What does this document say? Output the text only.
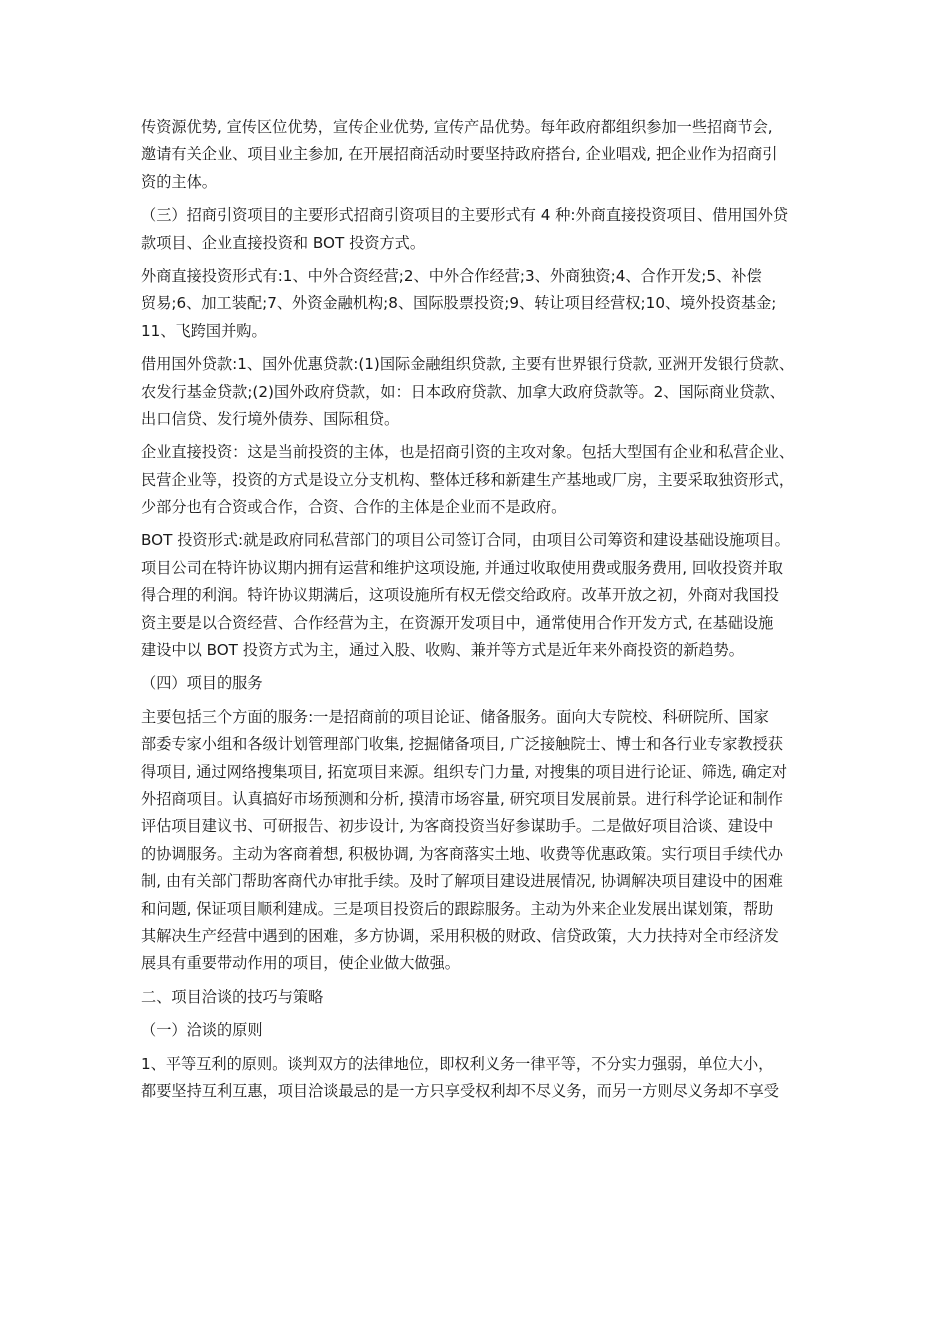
传资源优势, 宣传区位优势，宣传企业优势, 宣传产品优势。每年政府都组织参加一些招商节会,
邀请有关企业、项目业主参加, 在开展招商活动时要坚持政府搭台, 企业唱戏, 把企业作为招商引
资的主体。
（三）招商引资项目的主要形式招商引资项目的主要形式有 4 种:外商直接投资项目、借用国外贷
款项目、企业直接投资和 BOT 投资方式。
外商直接投资形式有:1、中外合资经营;2、中外合作经营;3、外商独资;4、合作开发;5、补偿
贸易;6、加工装配;7、外资金融机构;8、国际股票投资;9、转让项目经营权;10、境外投资基金;
11、飞跨国并购。
借用国外贷款:1、国外优惠贷款:(1)国际金融组织贷款, 主要有世界银行贷款, 亚洲开发银行贷款、
农发行基金贷款;(2)国外政府贷款，如：日本政府贷款、加拿大政府贷款等。2、国际商业贷款、
出口信贷、发行境外债券、国际租贷。
企业直接投资：这是当前投资的主体，也是招商引资的主攻对象。包括大型国有企业和私营企业、
民营企业等，投资的方式是设立分支机构、整体迁移和新建生产基地或厂房，主要采取独资形式，
少部分也有合资或合作，合资、合作的主体是企业而不是政府。
BOT 投资形式:就是政府同私营部门的项目公司签订合同，由项目公司筹资和建设基础设施项目。
项目公司在特许协议期内拥有运营和维护这项设施, 并通过收取使用费或服务费用, 回收投资并取
得合理的利润。特许协议期满后，这项设施所有权无偿交给政府。改革开放之初，外商对我国投
资主要是以合资经营、合作经营为主，在资源开发项目中，通常使用合作开发方式, 在基础设施
建设中以 BOT 投资方式为主，通过入股、收购、兼并等方式是近年来外商投资的新趋势。
（四）项目的服务
主要包括三个方面的服务:一是招商前的项目论证、储备服务。面向大专院校、科研院所、国家
部委专家小组和各级计划管理部门收集, 挖掘储备项目, 广泛接触院士、博士和各行业专家教授获
得项目, 通过网络搜集项目, 拓宽项目来源。组织专门力量, 对搜集的项目进行论证、筛选, 确定对
外招商项目。认真搞好市场预测和分析, 摸清市场容量, 研究项目发展前景。进行科学论证和制作
评估项目建议书、可研报告、初步设计, 为客商投资当好参谋助手。二是做好项目洽谈、建设中
的协调服务。主动为客商着想, 积极协调, 为客商落实土地、收费等优惠政策。实行项目手续代办
制, 由有关部门帮助客商代办审批手续。及时了解项目建设进展情况, 协调解决项目建设中的困难
和问题, 保证项目顺利建成。三是项目投资后的跟踪服务。主动为外来企业发展出谋划策，帮助
其解决生产经营中遇到的困难，多方协调，采用积极的财政、信贷政策，大力扶持对全市经济发
展具有重要带动作用的项目，使企业做大做强。
二、项目洽谈的技巧与策略
（一）洽谈的原则
1、平等互利的原则。谈判双方的法律地位，即权利义务一律平等，不分实力强弱，单位大小，
都要坚持互利互惠，项目洽谈最忌的是一方只享受权利却不尽义务，而另一方则尽义务却不享受
